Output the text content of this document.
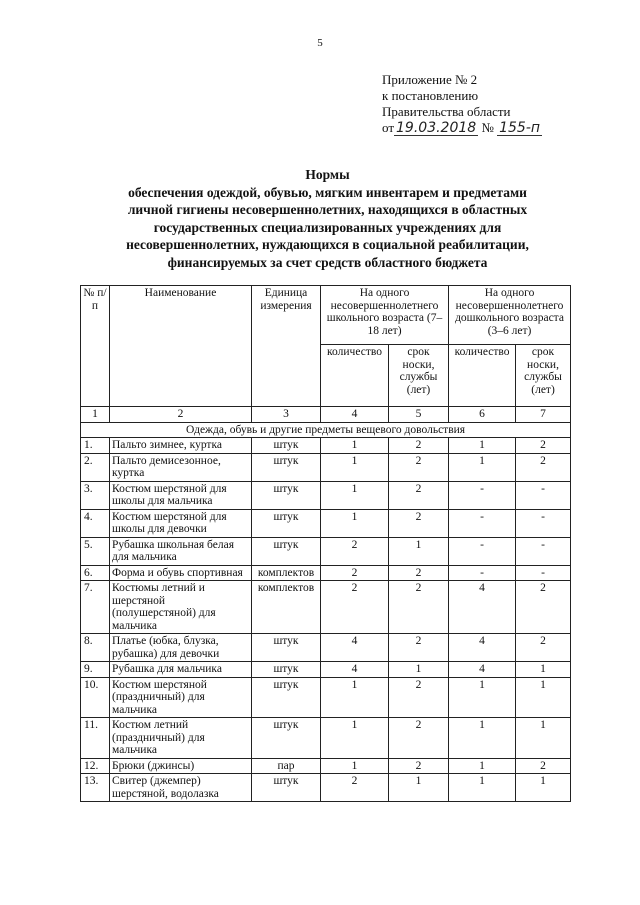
5
Приложение № 2
к постановлению
Правительства области
от 19.03.2018 № 155-п
Нормы
обеспечения одеждой, обувью, мягким инвентарем и предметами
личной гигиены несовершеннолетних, находящихся в областных
государственных специализированных учреждениях для
несовершеннолетних, нуждающихся в социальной реабилитации,
финансируемых за счет средств областного бюджета
№ п/п	Наименование	Единица измерения	На одного несовершеннолетнего школьного возраста (7–18 лет)		На одного несовершеннолетнего дошкольного возраста (3–6 лет)	
			количество	срок носки, службы (лет)	количество	срок носки, службы (лет)
1	2	3	4	5	6	7
Одежда, обувь и другие предметы вещевого довольствия						
1.	Пальто зимнее, куртка	штук	1	2	1	2
2.	Пальто демисезонное, куртка	штук	1	2	1	2
3.	Костюм шерстяной для школы для мальчика	штук	1	2	-	-
4.	Костюм шерстяной для школы для девочки	штук	1	2	-	-
5.	Рубашка школьная белая для мальчика	штук	2	1	-	-
6.	Форма и обувь спортивная	комплектов	2	2	-	-
7.	Костюмы летний и шерстяной (полушерстяной) для мальчика	комплектов	2	2	4	2
8.	Платье (юбка, блузка, рубашка) для девочки	штук	4	2	4	2
9.	Рубашка для мальчика	штук	4	1	4	1
10.	Костюм шерстяной (праздничный) для мальчика	штук	1	2	1	1
11.	Костюм летний (праздничный) для мальчика	штук	1	2	1	1
12.	Брюки (джинсы)	пар	1	2	1	2
13.	Свитер (джемпер) шерстяной, водолазка	штук	2	1	1	1
